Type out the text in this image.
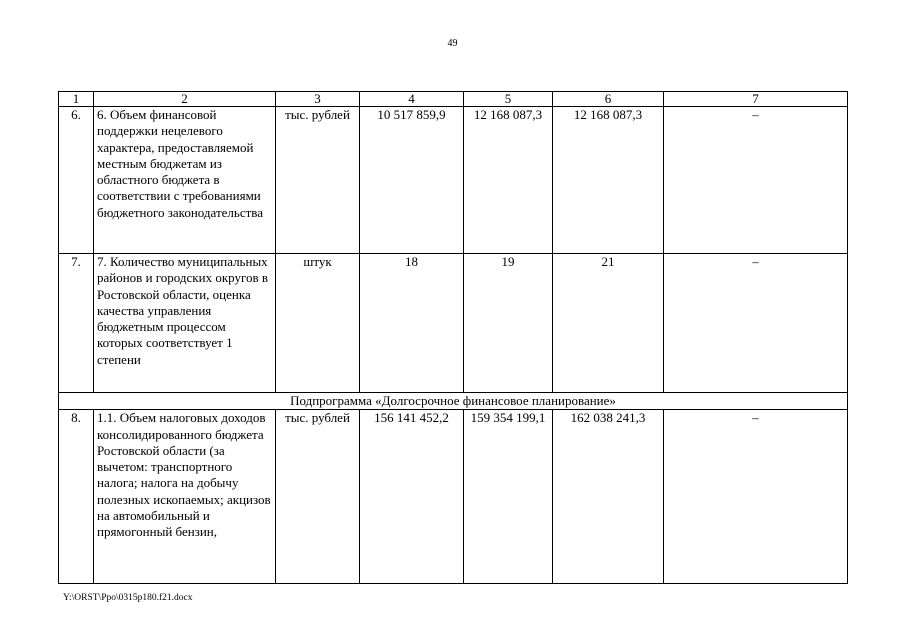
49
1	2	3	4	5	6	7
6.	6. Объем финансовой поддержки нецелевого характера, предоставляемой местным бюджетам из областного бюджета в соответствии с требованиями бюджетного законодательства	тыс. рублей	10 517 859,9	12 168 087,3	12 168 087,3	–
7.	7. Количество муниципальных районов и городских округов в Ростовской области, оценка качества управления бюджетным процессом которых соответствует 1 степени	штук	18	19	21	–
Подпрограмма «Долгосрочное финансовое планирование»						
8.	1.1. Объем налоговых доходов консолидированного бюджета Ростовской области (за вычетом: транспортного налога; налога на добычу полезных ископаемых; акцизов на автомобильный и прямогонный бензин,	тыс. рублей	156 141 452,2	159 354 199,1	162 038 241,3	–
Y:\ORST\Ppo\0315p180.f21.docx
